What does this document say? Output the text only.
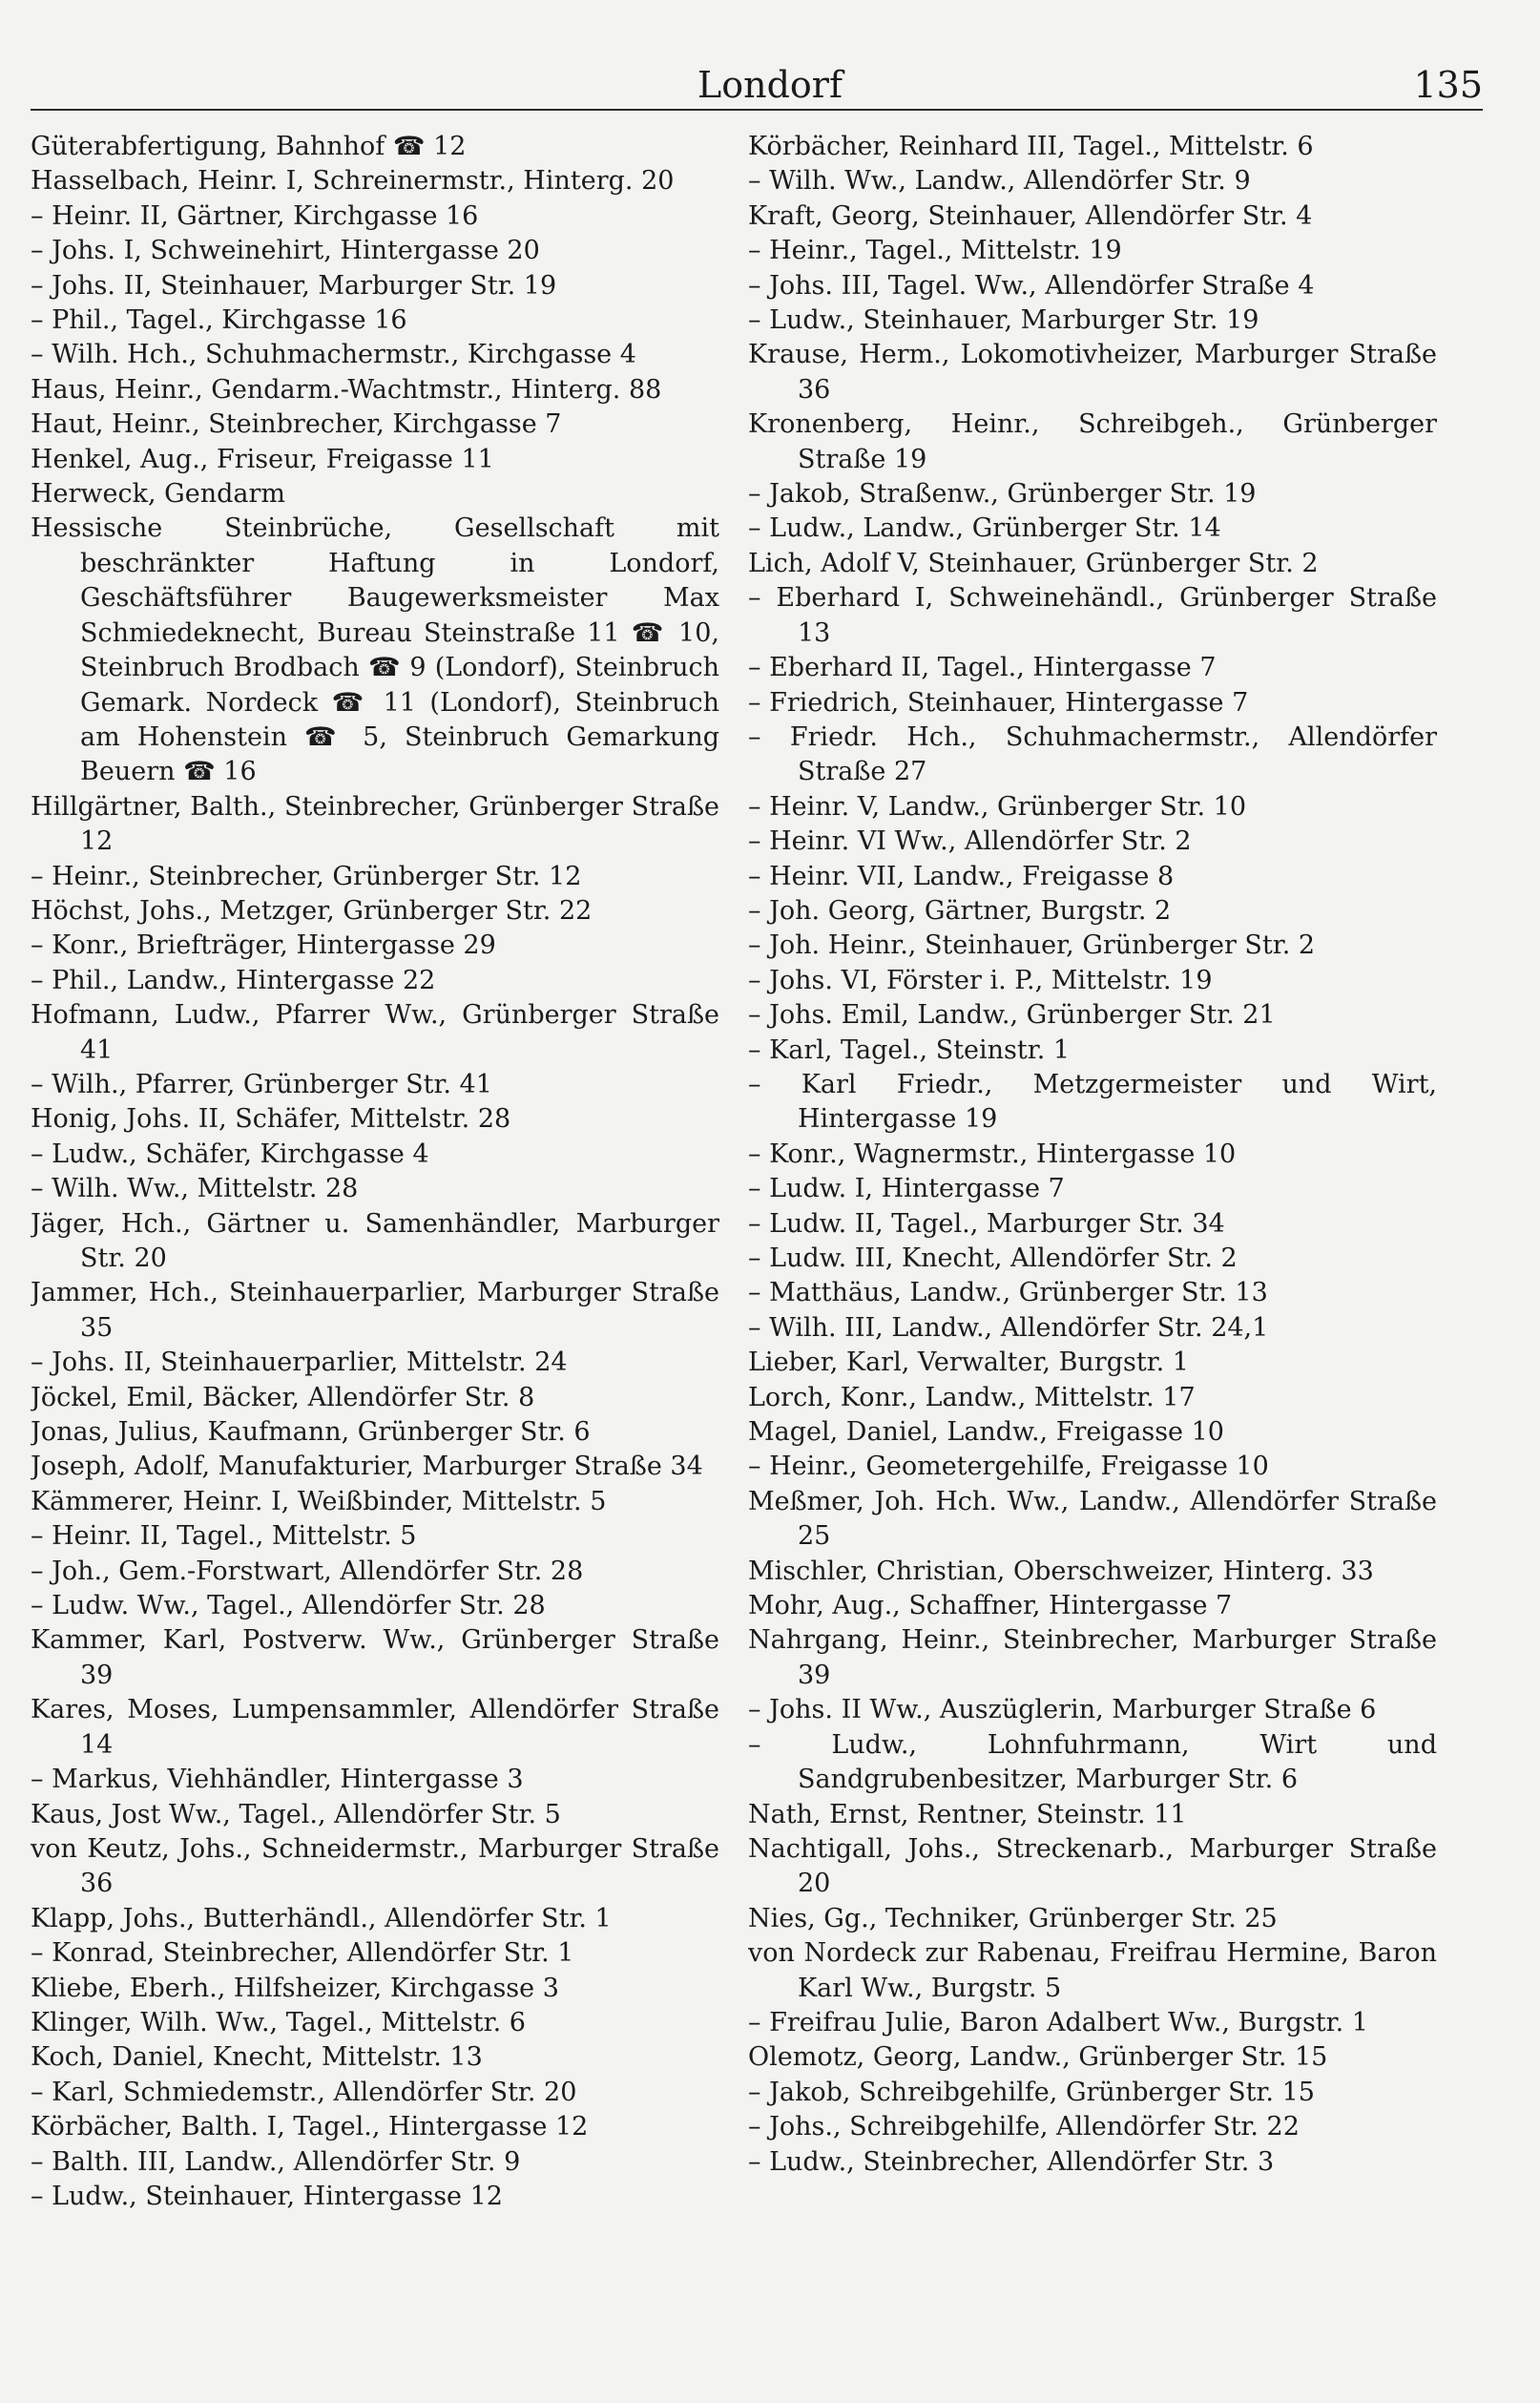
Londorf	135
Güterabfertigung, Bahnhof ☎ 12
Hasselbach, Heinr. I, Schreinermstr., Hinterg. 20
– Heinr. II, Gärtner, Kirchgasse 16
– Johs. I, Schweinehirt, Hintergasse 20
– Johs. II, Steinhauer, Marburger Str. 19
– Phil., Tagel., Kirchgasse 16
– Wilh. Hch., Schuhmachermstr., Kirchgasse 4
Haus, Heinr., Gendarm.-Wachtmstr., Hinterg. 88
Haut, Heinr., Steinbrecher, Kirchgasse 7
Henkel, Aug., Friseur, Freigasse 11
Herweck, Gendarm
Hessische Steinbrüche, Gesellschaft mit beschränkter Haftung in Londorf, Geschäftsführer Baugewerksmeister Max Schmiedeknecht, Bureau Steinstraße 11 ☎ 10, Steinbruch Brodbach ☎ 9 (Londorf), Steinbruch Gemark. Nordeck ☎ 11 (Londorf), Steinbruch am Hohenstein ☎ 5, Steinbruch Gemarkung Beuern ☎ 16
Hillgärtner, Balth., Steinbrecher, Grünberger Straße 12
– Heinr., Steinbrecher, Grünberger Str. 12
Höchst, Johs., Metzger, Grünberger Str. 22
– Konr., Briefträger, Hintergasse 29
– Phil., Landw., Hintergasse 22
Hofmann, Ludw., Pfarrer Ww., Grünberger Straße 41
– Wilh., Pfarrer, Grünberger Str. 41
Honig, Johs. II, Schäfer, Mittelstr. 28
– Ludw., Schäfer, Kirchgasse 4
– Wilh. Ww., Mittelstr. 28
Jäger, Hch., Gärtner u. Samenhändler, Marburger Str. 20
Jammer, Hch., Steinhauerparlier, Marburger Straße 35
– Johs. II, Steinhauerparlier, Mittelstr. 24
Jöckel, Emil, Bäcker, Allendörfer Str. 8
Jonas, Julius, Kaufmann, Grünberger Str. 6
Joseph, Adolf, Manufakturier, Marburger Straße 34
Kämmerer, Heinr. I, Weißbinder, Mittelstr. 5
– Heinr. II, Tagel., Mittelstr. 5
– Joh., Gem.-Forstwart, Allendörfer Str. 28
– Ludw. Ww., Tagel., Allendörfer Str. 28
Kammer, Karl, Postverw. Ww., Grünberger Straße 39
Kares, Moses, Lumpensammler, Allendörfer Straße 14
– Markus, Viehhändler, Hintergasse 3
Kaus, Jost Ww., Tagel., Allendörfer Str. 5
von Keutz, Johs., Schneidermstr., Marburger Straße 36
Klapp, Johs., Butterhändl., Allendörfer Str. 1
– Konrad, Steinbrecher, Allendörfer Str. 1
Kliebe, Eberh., Hilfsheizer, Kirchgasse 3
Klinger, Wilh. Ww., Tagel., Mittelstr. 6
Koch, Daniel, Knecht, Mittelstr. 13
– Karl, Schmiedemstr., Allendörfer Str. 20
Körbächer, Balth. I, Tagel., Hintergasse 12
– Balth. III, Landw., Allendörfer Str. 9
– Ludw., Steinhauer, Hintergasse 12
Körbächer, Reinhard III, Tagel., Mittelstr. 6
– Wilh. Ww., Landw., Allendörfer Str. 9
Kraft, Georg, Steinhauer, Allendörfer Str. 4
– Heinr., Tagel., Mittelstr. 19
– Johs. III, Tagel. Ww., Allendörfer Straße 4
– Ludw., Steinhauer, Marburger Str. 19
Krause, Herm., Lokomotivheizer, Marburger Straße 36
Kronenberg, Heinr., Schreibgeh., Grünberger Straße 19
– Jakob, Straßenw., Grünberger Str. 19
– Ludw., Landw., Grünberger Str. 14
Lich, Adolf V, Steinhauer, Grünberger Str. 2
– Eberhard I, Schweinehändl., Grünberger Straße 13
– Eberhard II, Tagel., Hintergasse 7
– Friedrich, Steinhauer, Hintergasse 7
– Friedr. Hch., Schuhmachermstr., Allendörfer Straße 27
– Heinr. V, Landw., Grünberger Str. 10
– Heinr. VI Ww., Allendörfer Str. 2
– Heinr. VII, Landw., Freigasse 8
– Joh. Georg, Gärtner, Burgstr. 2
– Joh. Heinr., Steinhauer, Grünberger Str. 2
– Johs. VI, Förster i. P., Mittelstr. 19
– Johs. Emil, Landw., Grünberger Str. 21
– Karl, Tagel., Steinstr. 1
– Karl Friedr., Metzgermeister und Wirt, Hintergasse 19
– Konr., Wagnermstr., Hintergasse 10
– Ludw. I, Hintergasse 7
– Ludw. II, Tagel., Marburger Str. 34
– Ludw. III, Knecht, Allendörfer Str. 2
– Matthäus, Landw., Grünberger Str. 13
– Wilh. III, Landw., Allendörfer Str. 24,1
Lieber, Karl, Verwalter, Burgstr. 1
Lorch, Konr., Landw., Mittelstr. 17
Magel, Daniel, Landw., Freigasse 10
– Heinr., Geometergehilfe, Freigasse 10
Meßmer, Joh. Hch. Ww., Landw., Allendörfer Straße 25
Mischler, Christian, Oberschweizer, Hinterg. 33
Mohr, Aug., Schaffner, Hintergasse 7
Nahrgang, Heinr., Steinbrecher, Marburger Straße 39
– Johs. II Ww., Auszüglerin, Marburger Straße 6
– Ludw., Lohnfuhrmann, Wirt und Sandgrubenbesitzer, Marburger Str. 6
Nath, Ernst, Rentner, Steinstr. 11
Nachtigall, Johs., Streckenarb., Marburger Straße 20
Nies, Gg., Techniker, Grünberger Str. 25
von Nordeck zur Rabenau, Freifrau Hermine, Baron Karl Ww., Burgstr. 5
– Freifrau Julie, Baron Adalbert Ww., Burgstr. 1
Olemotz, Georg, Landw., Grünberger Str. 15
– Jakob, Schreibgehilfe, Grünberger Str. 15
– Johs., Schreibgehilfe, Allendörfer Str. 22
– Ludw., Steinbrecher, Allendörfer Str. 3
